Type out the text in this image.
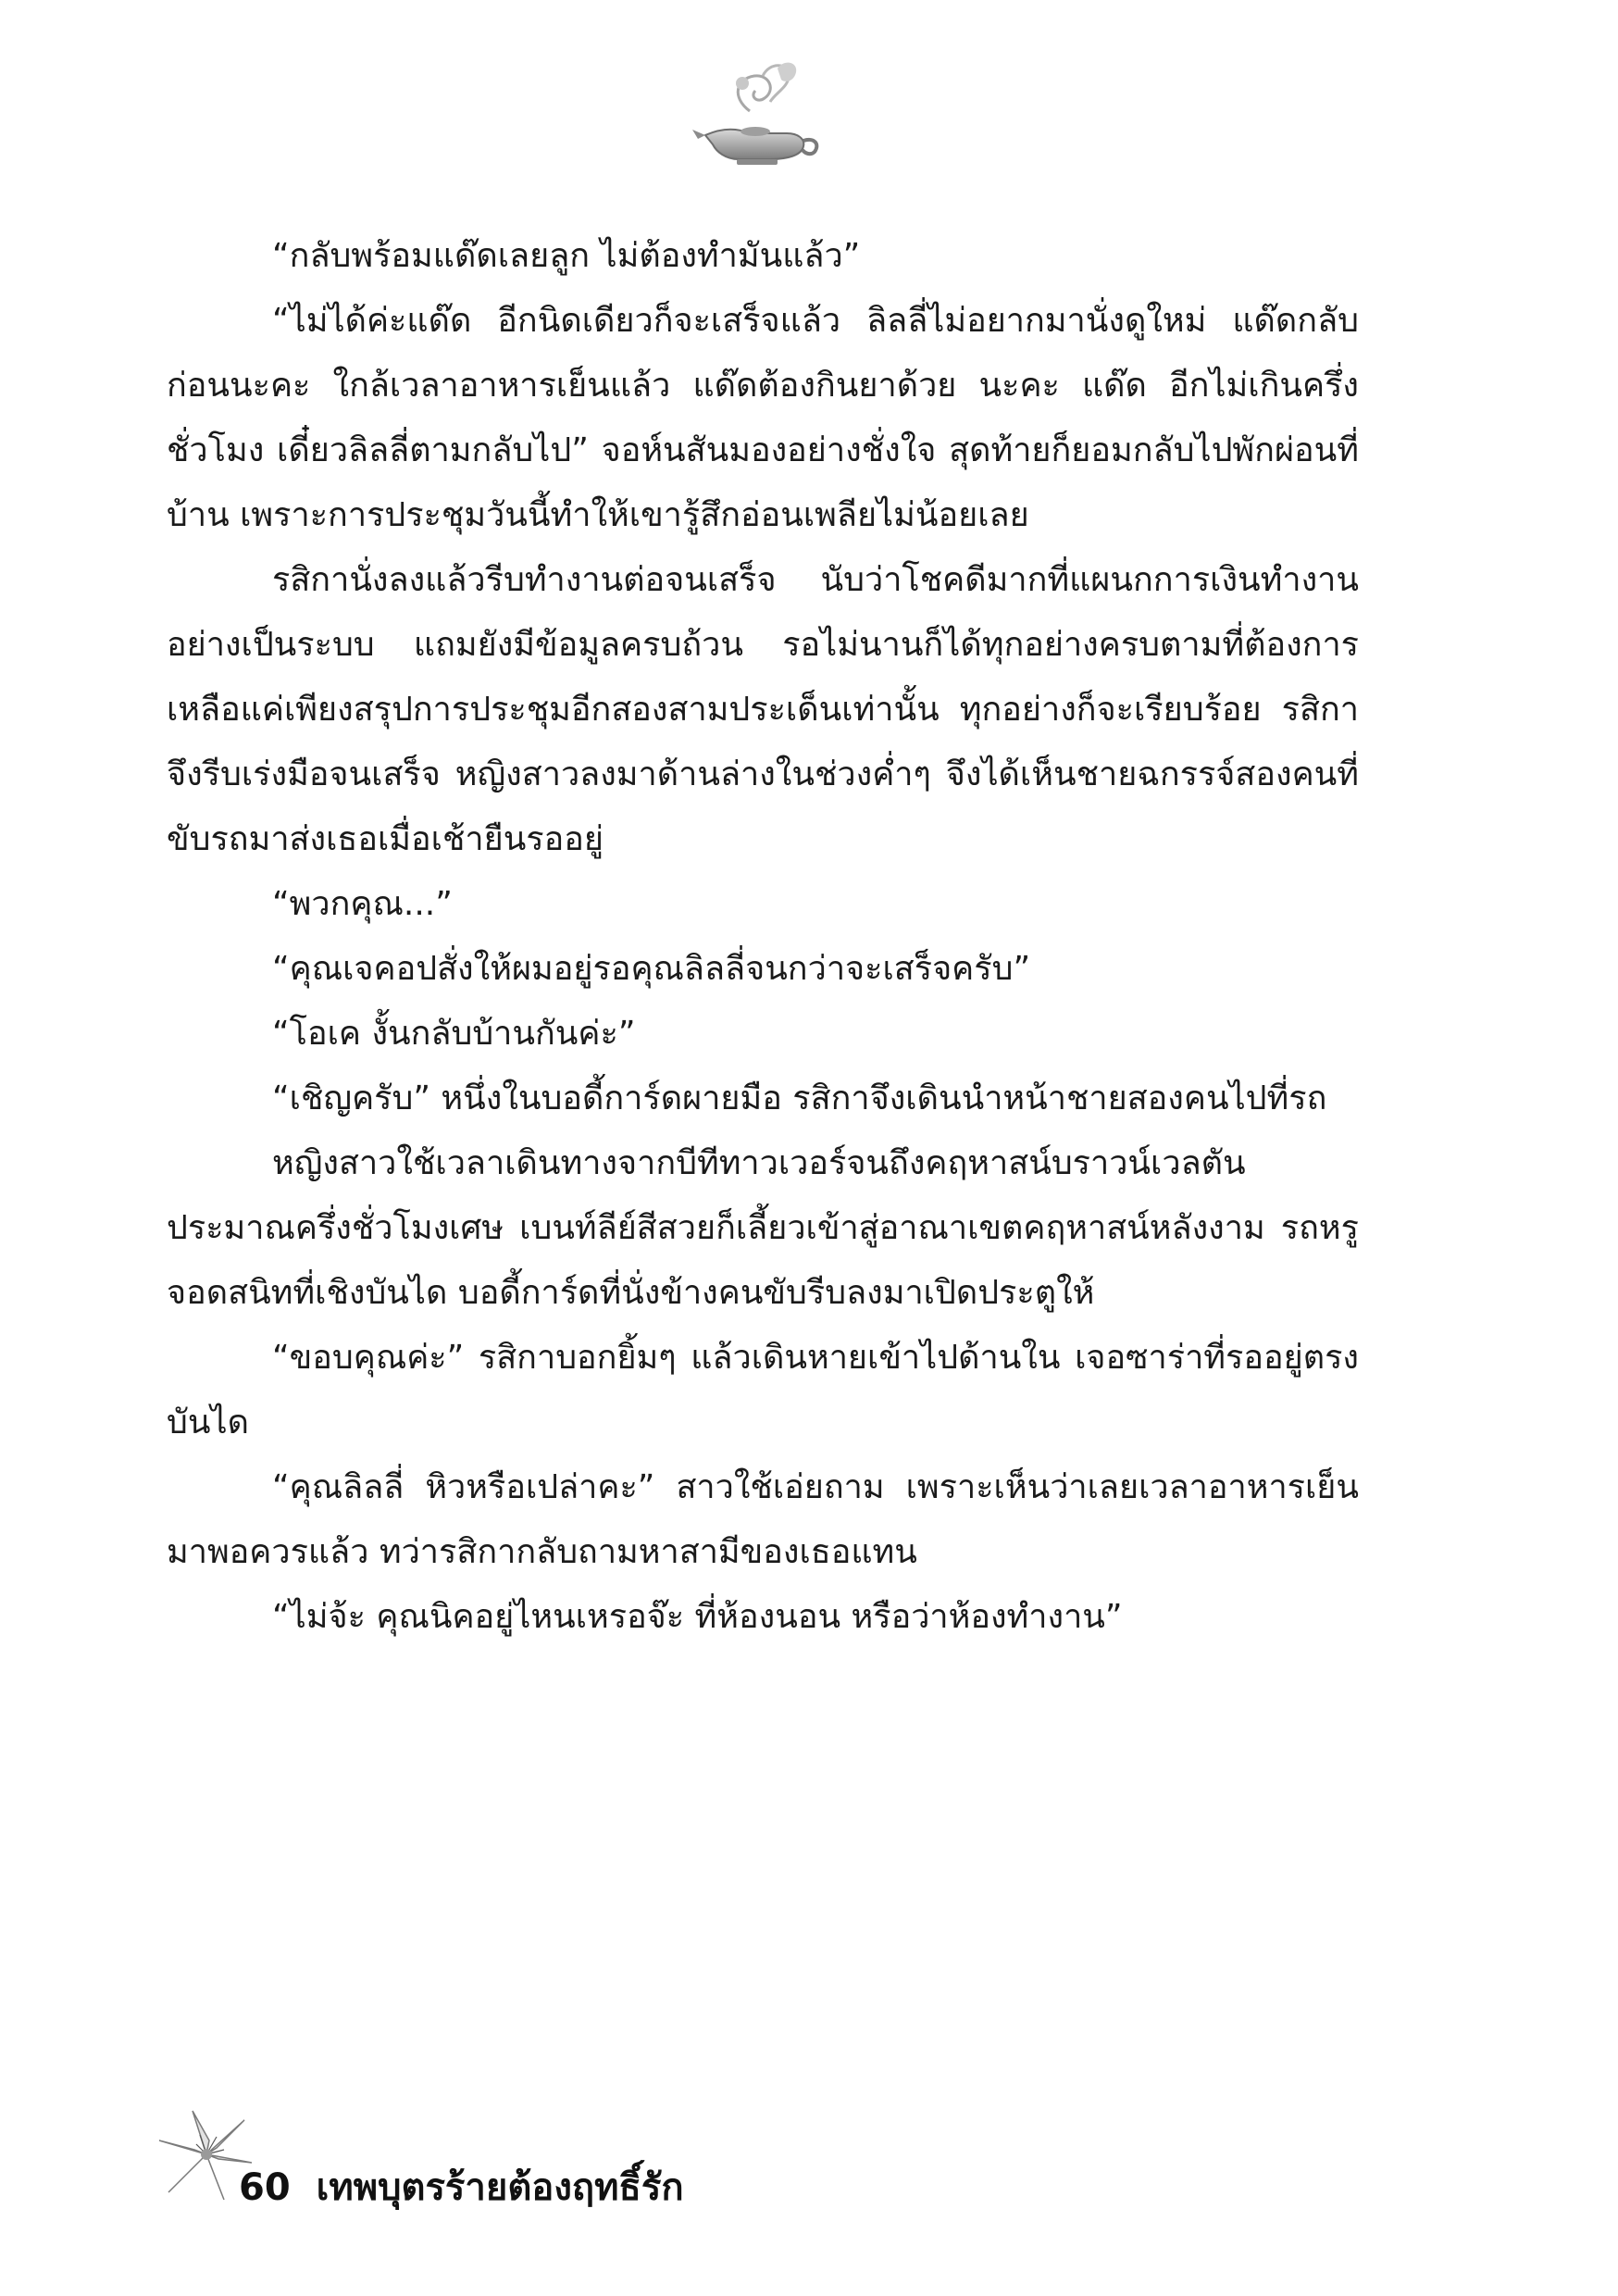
“กลับพร้อมแด๊ดเลยลูก ไม่ต้องทำมันแล้ว”

“ไม่ได้ค่ะแด๊ด อีกนิดเดียวก็จะเสร็จแล้ว ลิลลี่ไม่อยากมานั่งดูใหม่ แด๊ดกลับก่อนนะคะ ใกล้เวลาอาหารเย็นแล้ว แด๊ดต้องกินยาด้วย นะคะ แด๊ด อีกไม่เกินครึ่งชั่วโมง เดี๋ยวลิลลี่ตามกลับไป” จอห์นสันมองอย่างชั่งใจ สุดท้ายก็ยอมกลับไปพักผ่อนที่บ้าน เพราะการประชุมวันนี้ทำให้เขารู้สึกอ่อนเพลียไม่น้อยเลย

รสิกานั่งลงแล้วรีบทำงานต่อจนเสร็จ นับว่าโชคดีมากที่แผนกการเงินทำงานอย่างเป็นระบบ แถมยังมีข้อมูลครบถ้วน รอไม่นานก็ได้ทุกอย่างครบตามที่ต้องการ เหลือแค่เพียงสรุปการประชุมอีกสองสามประเด็นเท่านั้น ทุกอย่างก็จะเรียบร้อย รสิกาจึงรีบเร่งมือจนเสร็จ หญิงสาวลงมาด้านล่างในช่วงค่ำๆ จึงได้เห็นชายฉกรรจ์สองคนที่ขับรถมาส่งเธอเมื่อเช้ายืนรออยู่

“พวกคุณ...”

“คุณเจคอปสั่งให้ผมอยู่รอคุณลิลลี่จนกว่าจะเสร็จครับ”

“โอเค งั้นกลับบ้านกันค่ะ”

“เชิญครับ” หนึ่งในบอดี้การ์ดผายมือ รสิกาจึงเดินนำหน้าชายสองคนไปที่รถ

หญิงสาวใช้เวลาเดินทางจากบีทีทาวเวอร์จนถึงคฤหาสน์บราวน์เวลตันประมาณครึ่งชั่วโมงเศษ เบนท์ลีย์สีสวยก็เลี้ยวเข้าสู่อาณาเขตคฤหาสน์หลังงาม รถหรูจอดสนิทที่เชิงบันได บอดี้การ์ดที่นั่งข้างคนขับรีบลงมาเปิดประตูให้

“ขอบคุณค่ะ” รสิกาบอกยิ้มๆ แล้วเดินหายเข้าไปด้านใน เจอซาร่าที่รออยู่ตรงบันได

“คุณลิลลี่ หิวหรือเปล่าคะ” สาวใช้เอ่ยถาม เพราะเห็นว่าเลยเวลาอาหารเย็นมาพอควรแล้ว ทว่ารสิกากลับถามหาสามีของเธอแทน

“ไม่จ้ะ คุณนิคอยู่ไหนเหรอจ๊ะ ที่ห้องนอน หรือว่าห้องทำงาน”

60 เทพบุตรร้ายต้องฤทธิ์รัก
